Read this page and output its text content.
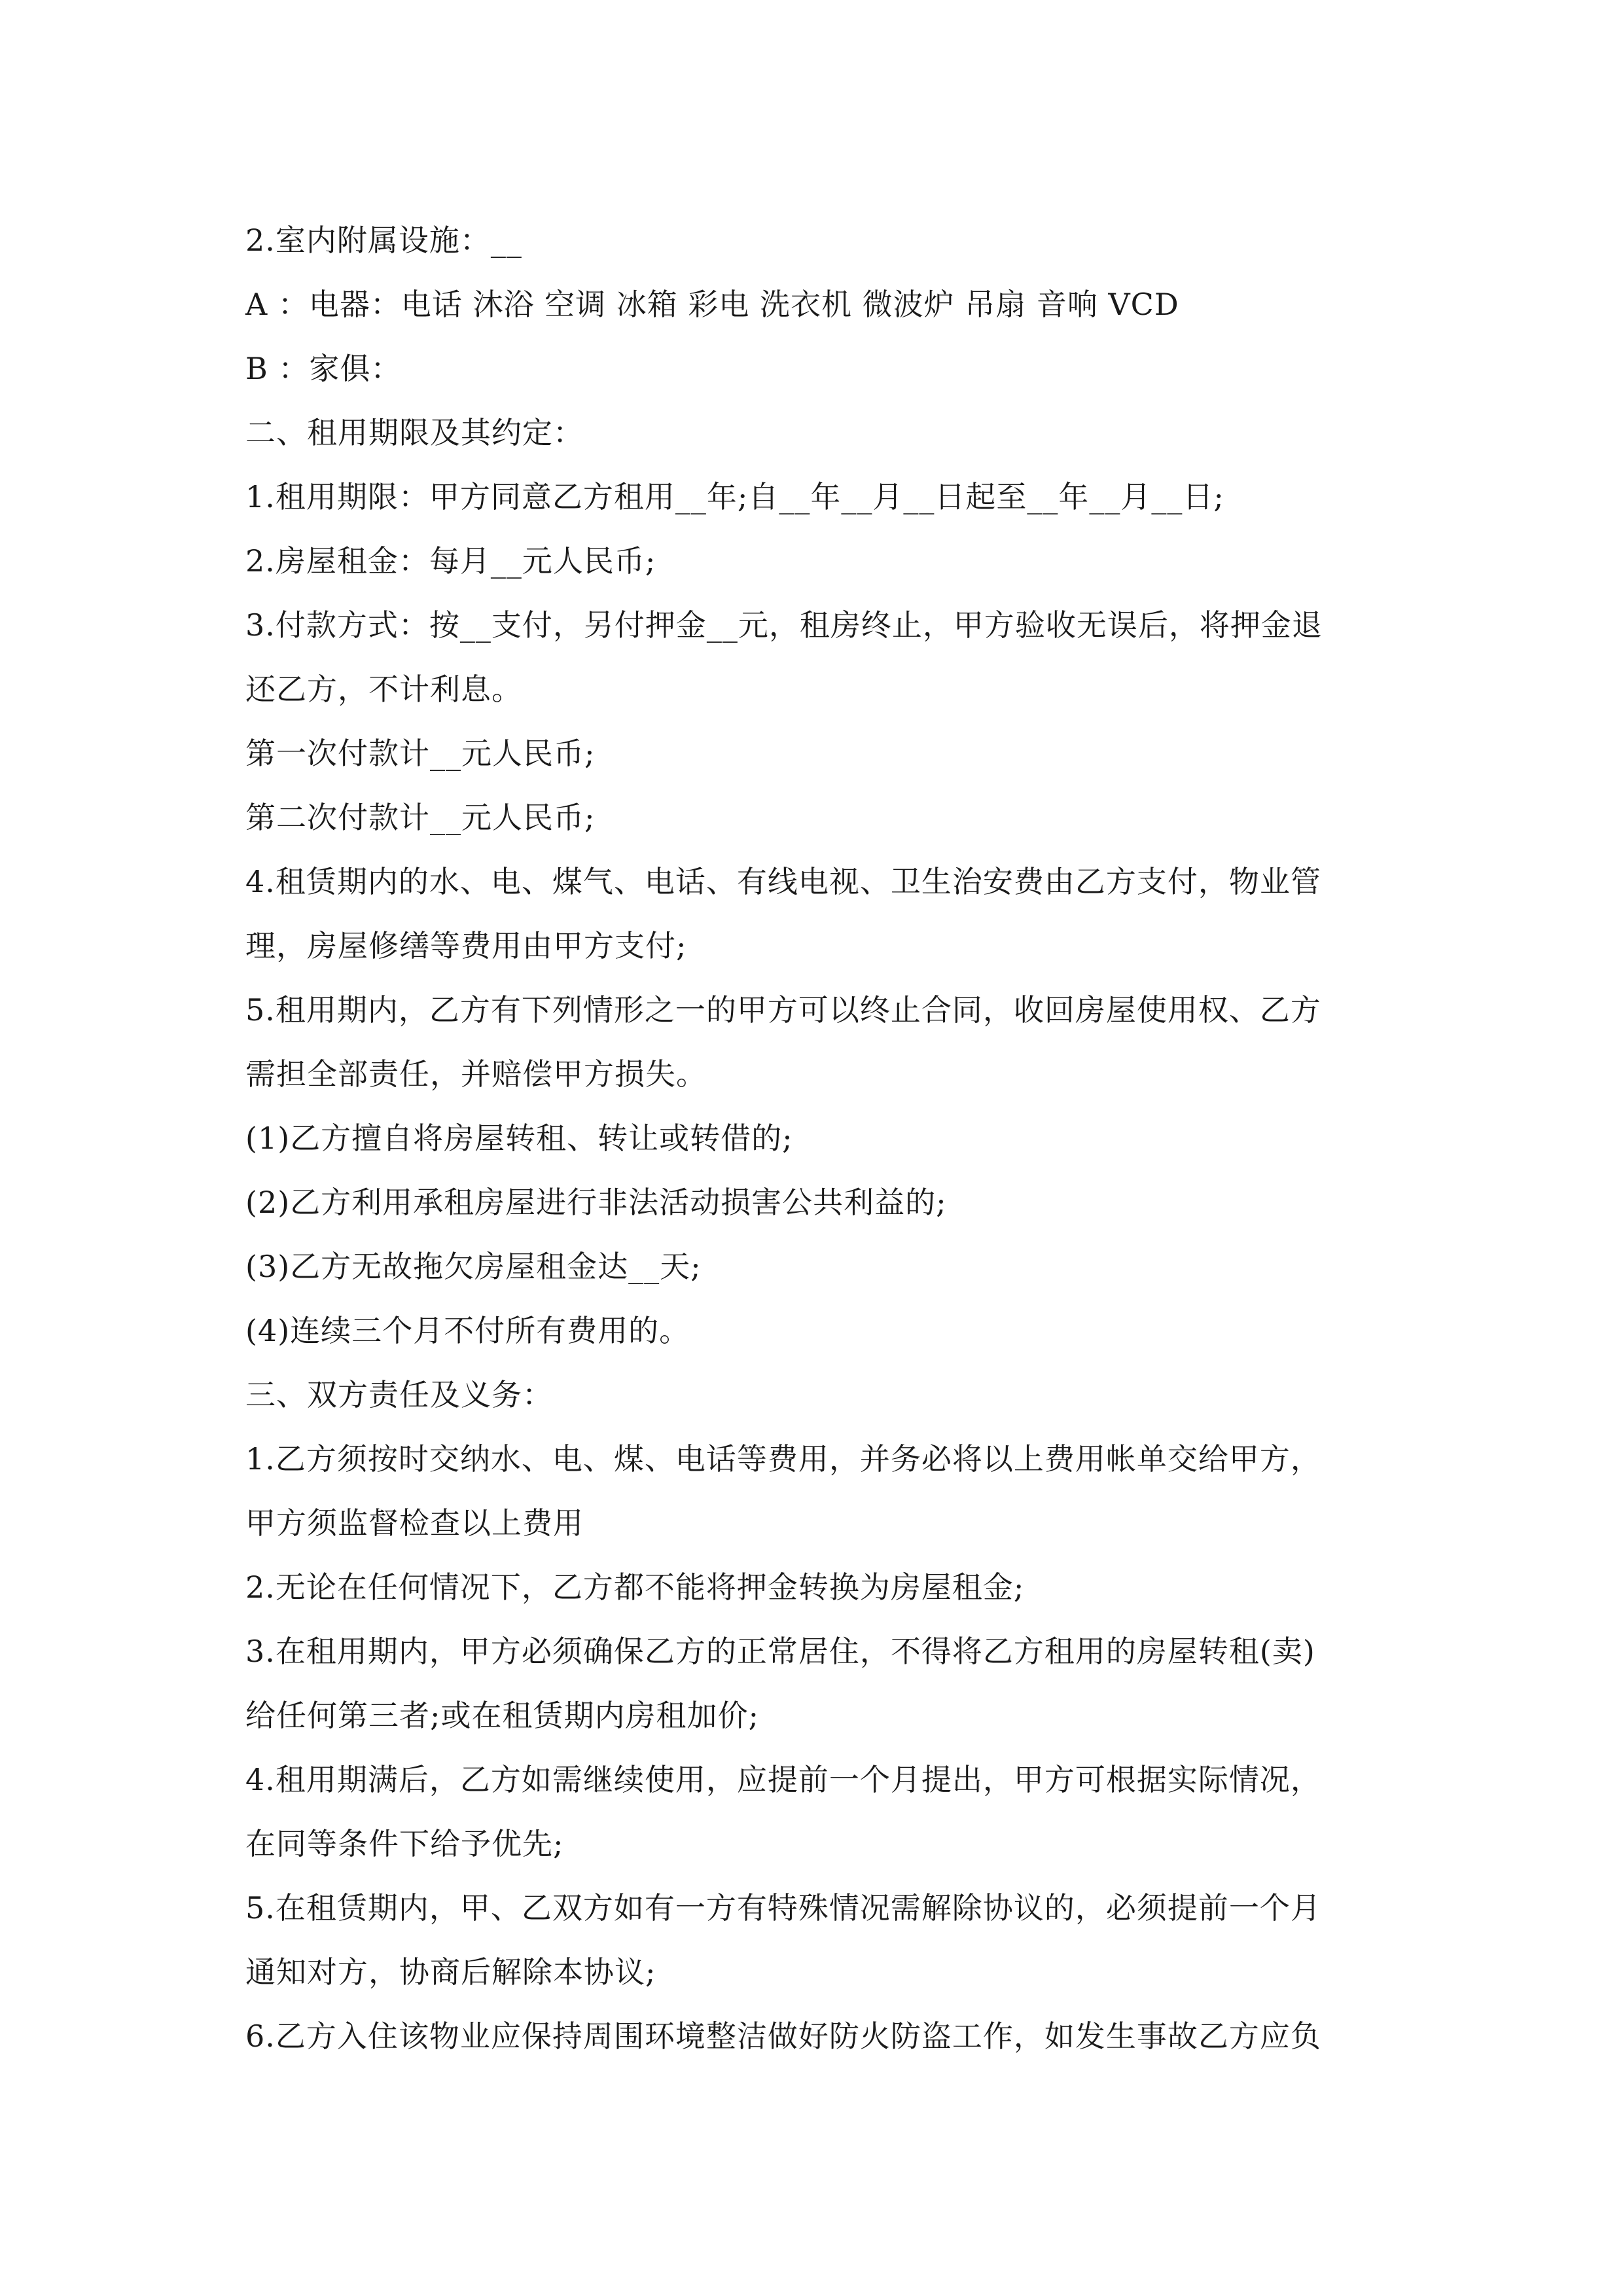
2.室内附属设施：__
A ：电器：电话 沐浴 空调 冰箱 彩电 洗衣机 微波炉 吊扇 音响 VCD
B ：家俱：
二、租用期限及其约定：
1.租用期限：甲方同意乙方租用__年;自__年__月__日起至__年__月__日;
2.房屋租金：每月__元人民币;
3.付款方式：按__支付，另付押金__元，租房终止，甲方验收无误后，将押金退
还乙方，不计利息。
第一次付款计__元人民币;
第二次付款计__元人民币;
4.租赁期内的水、电、煤气、电话、有线电视、卫生治安费由乙方支付，物业管
理，房屋修缮等费用由甲方支付;
5.租用期内，乙方有下列情形之一的甲方可以终止合同，收回房屋使用权、乙方
需担全部责任，并赔偿甲方损失。
(1)乙方擅自将房屋转租、转让或转借的;
(2)乙方利用承租房屋进行非法活动损害公共利益的;
(3)乙方无故拖欠房屋租金达__天;
(4)连续三个月不付所有费用的。
三、双方责任及义务：
1.乙方须按时交纳水、电、煤、电话等费用，并务必将以上费用帐单交给甲方，
甲方须监督检查以上费用
2.无论在任何情况下，乙方都不能将押金转换为房屋租金;
3.在租用期内，甲方必须确保乙方的正常居住，不得将乙方租用的房屋转租(卖)
给任何第三者;或在租赁期内房租加价;
4.租用期满后，乙方如需继续使用，应提前一个月提出，甲方可根据实际情况，
在同等条件下给予优先;
5.在租赁期内，甲、乙双方如有一方有特殊情况需解除协议的，必须提前一个月
通知对方，协商后解除本协议;
6.乙方入住该物业应保持周围环境整洁做好防火防盗工作，如发生事故乙方应负
